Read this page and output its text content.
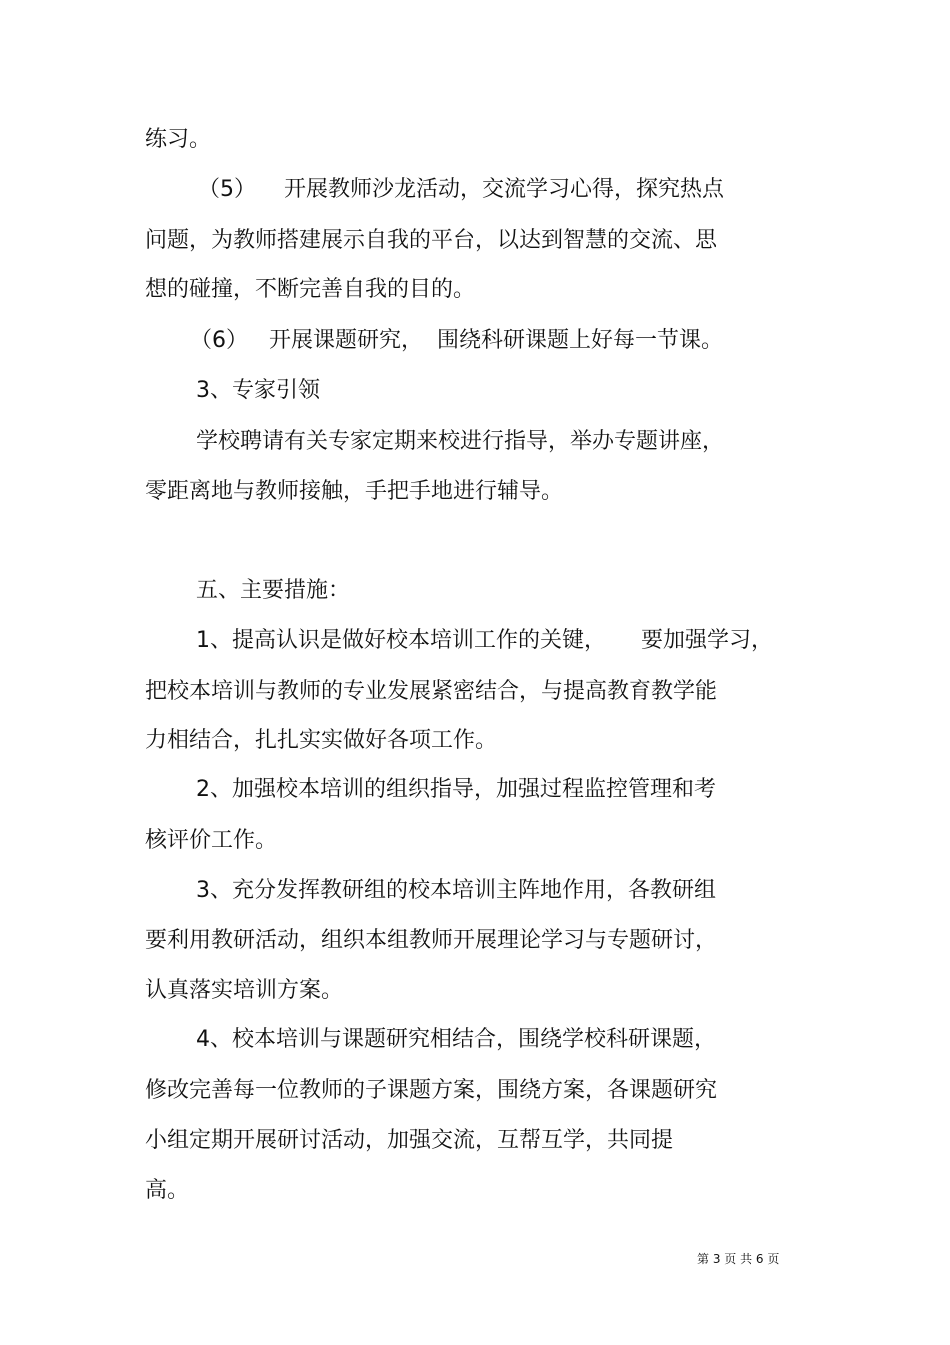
练习。
（5）    开展教师沙龙活动，交流学习心得，探究热点
问题，为教师搭建展示自我的平台，以达到智慧的交流、思
想的碰撞，不断完善自我的目的。
（6）   开展课题研究，  围绕科研课题上好每一节课。
3、专家引领
学校聘请有关专家定期来校进行指导，举办专题讲座，
零距离地与教师接触，手把手地进行辅导。
五、主要措施：
1、提高认识是做好校本培训工作的关键，     要加强学习，
把校本培训与教师的专业发展紧密结合，与提高教育教学能
力相结合，扎扎实实做好各项工作。
2、加强校本培训的组织指导，加强过程监控管理和考
核评价工作。
3、充分发挥教研组的校本培训主阵地作用，各教研组
要利用教研活动，组织本组教师开展理论学习与专题研讨，
认真落实培训方案。
4、校本培训与课题研究相结合，围绕学校科研课题，
修改完善每一位教师的子课题方案，围绕方案，各课题研究
小组定期开展研讨活动，加强交流，互帮互学，共同提
高。
第 3 页 共 6 页
